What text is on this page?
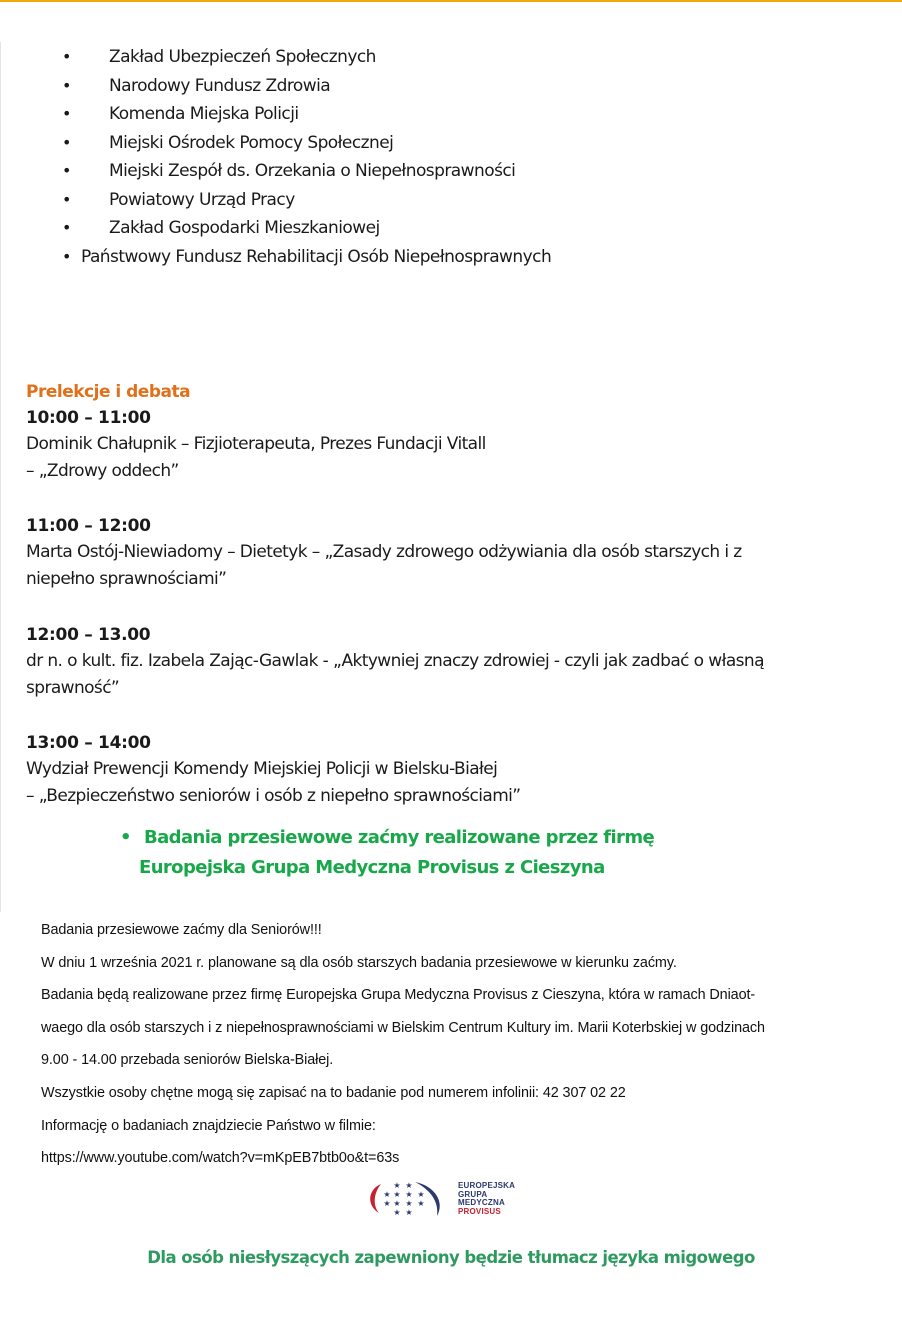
• Zakład Ubezpieczeń Społecznych
• Narodowy Fundusz Zdrowia
• Komenda Miejska Policji
• Miejski Ośrodek Pomocy Społecznej
• Miejski Zespół ds. Orzekania o Niepełnosprawności
• Powiatowy Urząd Pracy
• Zakład Gospodarki Mieszkaniowej
• Państwowy Fundusz Rehabilitacji Osób Niepełnosprawnych
Prelekcje i debata
10:00 – 11:00
Dominik Chałupnik – Fizjioterapeuta, Prezes Fundacji Vitall
– „Zdrowy oddech”
11:00 – 12:00
Marta Ostój-Niewiadomy – Dietetyk – „Zasady zdrowego odżywiania dla osób starszych i z
niepełno sprawnościami”
12:00 – 13.00
dr n. o kult. fiz. Izabela Zając-Gawlak - „Aktywniej znaczy zdrowiej - czyli jak zadbać o własną
sprawność”
13:00 – 14:00
Wydział Prewencji Komendy Miejskiej Policji w Bielsku-Białej
– „Bezpieczeństwo seniorów i osób z niepełno sprawnościami”
• Badania przesiewowe zaćmy realizowane przez firmę
Europejska Grupa Medyczna Provisus z Cieszyna
Badania przesiewowe zaćmy dla Seniorów!!!
W dniu 1 września 2021 r. planowane są dla osób starszych badania przesiewowe w kierunku zaćmy.
Badania będą realizowane przez firmę Europejska Grupa Medyczna Provisus z Cieszyna, która w ramach Dniaot-
waego dla osób starszych i z niepełnosprawnościami w Bielskim Centrum Kultury im. Marii Koterbskiej w godzinach
9.00 - 14.00 przebada seniorów Bielska-Białej.
Wszystkie osoby chętne mogą się zapisać na to badanie pod numerem infolinii: 42 307 02 22
Informację o badaniach znajdziecie Państwo w filmie:
https://www.youtube.com/watch?v=mKpEB7btb0o&t=63s
★ ★
★ ★ ★ ★
★ ★ ★ ★
★ ★
EUROPEJSKA
GRUPA
MEDYCZNA
PROVISUS
Dla osób niesłyszących zapewniony będzie tłumacz języka migowego
